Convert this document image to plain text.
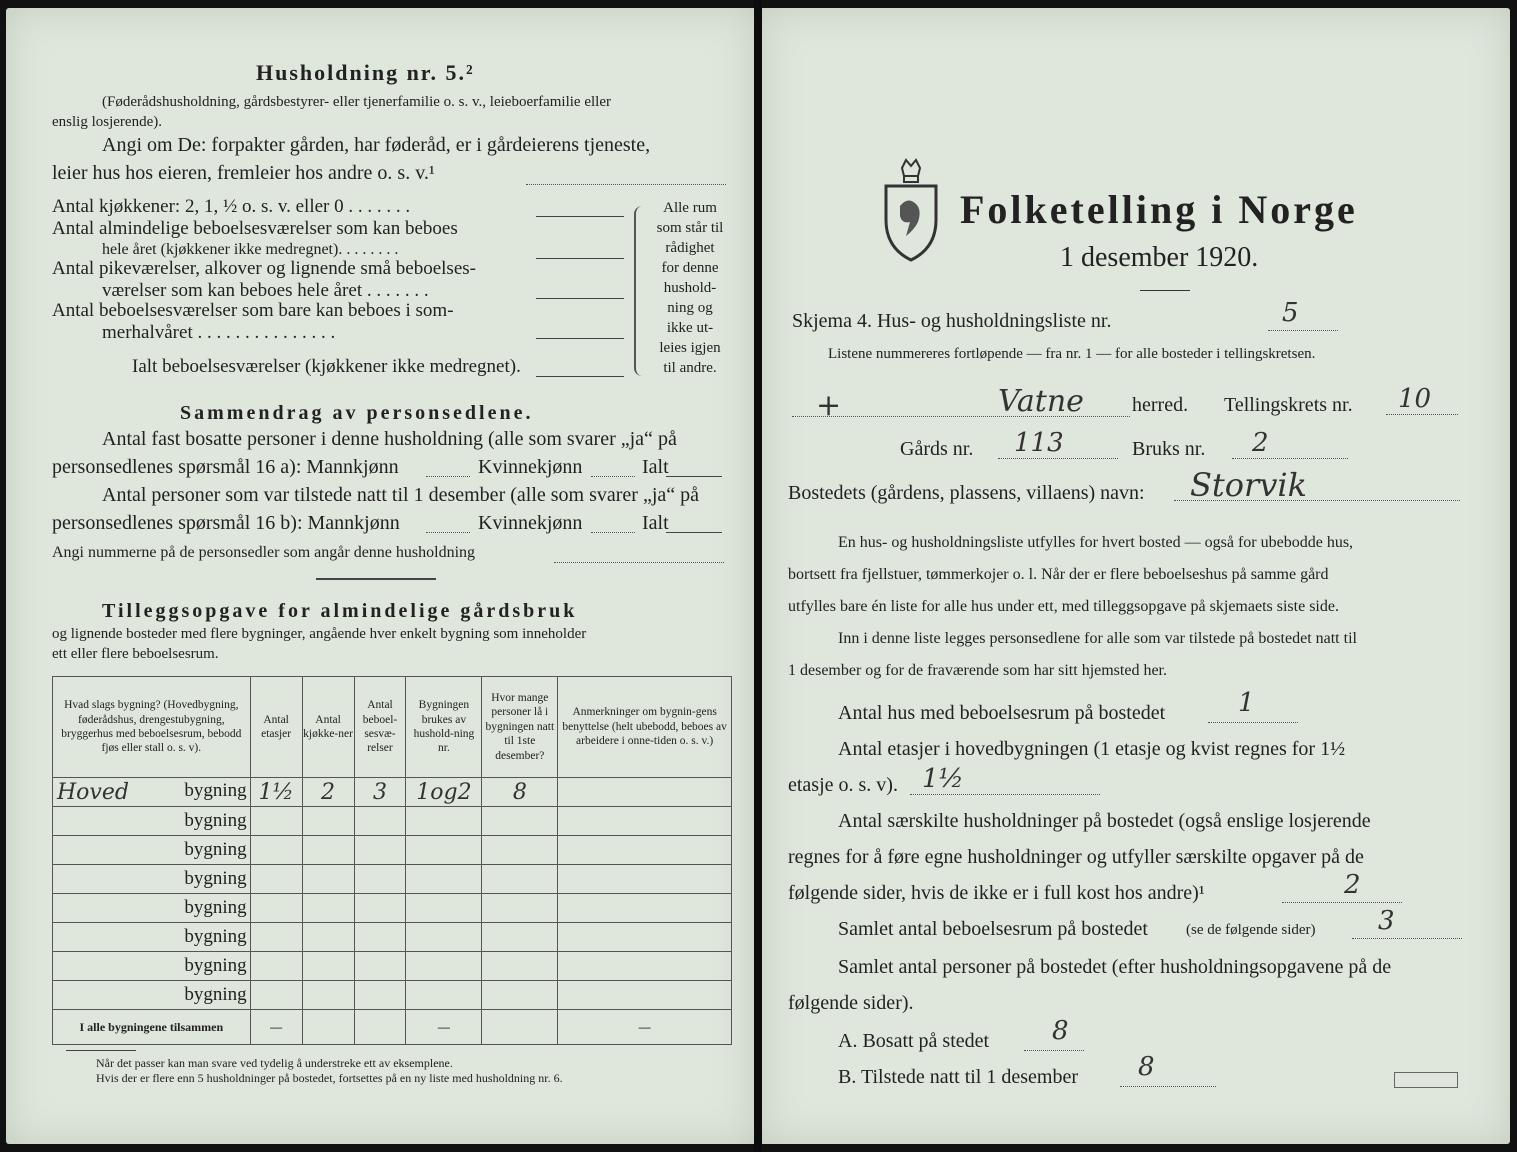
Husholdning nr. 5.²
(Føderådshusholdning, gårdsbestyrer- eller tjenerfamilie o. s. v., leieboerfamilie eller
enslig losjerende).
Angi om De: forpakter gården, har føderåd, er i gårdeierens tjeneste,
leier hus hos eieren, fremleier hos andre o. s. v.¹
Antal kjøkkener: 2, 1, ½ o. s. v. eller 0 . . . . . . .
Antal almindelige beboelsesværelser som kan beboes
hele året (kjøkkener ikke medregnet). . . . . . . .
Antal pikeværelser, alkover og lignende små beboelses-
værelser som kan beboes hele året . . . . . . .
Antal beboelsesværelser som bare kan beboes i som-
merhalvåret . . . . . . . . . . . . . . .
Ialt beboelsesværelser (kjøkkener ikke medregnet).
Alle rum
som står til
rådighet
for denne
hushold-
ning og
ikke ut-
leies igjen
til andre.
Sammendrag av personsedlene.
Antal fast bosatte personer i denne husholdning (alle som svarer „ja“ på
personsedlenes spørsmål 16 a): Mannkjønn	Kvinnekjønn	Ialt
Antal personer som var tilstede natt til 1 desember (alle som svarer „ja“ på
personsedlenes spørsmål 16 b): Mannkjønn	Kvinnekjønn	Ialt
Angi nummerne på de personsedler som angår denne husholdning
Tilleggsopgave for almindelige gårdsbruk
og lignende bosteder med flere bygninger, angående hver enkelt bygning som inneholder
ett eller flere beboelsesrum.
Hvad slags bygning? (Hovedbygning, føderådshus, drengestubygning, bryggerhus med beboelsesrum, bebodd fjøs eller stall o. s. v).	Antal etasjer	Antal kjøkke-ner	Antal beboel-sesvæ-relser	Bygningen brukes av hushold-ning nr.	Hvor mange personer lå i bygningen natt til 1ste desember?	Anmerkninger om bygnin-gens benyttelse (helt ubebodd, beboes av arbeidere i onne-tiden o. s. v.)

Hoved bygning	1½	2	3	1og2	8	
bygning						
bygning						
bygning						
bygning						
bygning						
bygning						
bygning						
I alle bygningene tilsammen	—			—		—
Når det passer kan man svare ved tydelig å understreke ett av eksemplene.
Hvis der er flere enn 5 husholdninger på bostedet, fortsettes på en ny liste med husholdning nr. 6.
Folketelling i Norge
1 desember 1920.
Skjema 4. Hus- og husholdningsliste nr.	5
Listene nummereres fortløpende — fra nr. 1 — for alle bosteder i tellingskretsen.
+	Vatne herred. Tellingskrets nr. 10
Gårds nr. 113	Bruks nr. 2
Bostedets (gårdens, plassens, villaens) navn: Storvik
En hus- og husholdningsliste utfylles for hvert bosted — også for ubebodde hus,
bortsett fra fjellstuer, tømmerkojer o. l. Når der er flere beboelseshus på samme gård
utfylles bare én liste for alle hus under ett, med tilleggsopgave på skjemaets siste side.
Inn i denne liste legges personsedlene for alle som var tilstede på bostedet natt til
1 desember og for de fraværende som har sitt hjemsted her.
Antal hus med beboelsesrum på bostedet	1
Antal etasjer i hovedbygningen (1 etasje og kvist regnes for 1½
etasje o. s. v). 1½
Antal særskilte husholdninger på bostedet (også enslige losjerende
regnes for å føre egne husholdninger og utfyller særskilte opgaver på de
følgende sider, hvis de ikke er i full kost hos andre)¹	2
Samlet antal beboelsesrum på bostedet	(se de følgende sider) 3
Samlet antal personer på bostedet (efter husholdningsopgavene på de
følgende sider).
A. Bosatt på stedet 8
B. Tilstede natt til 1 desember 8
